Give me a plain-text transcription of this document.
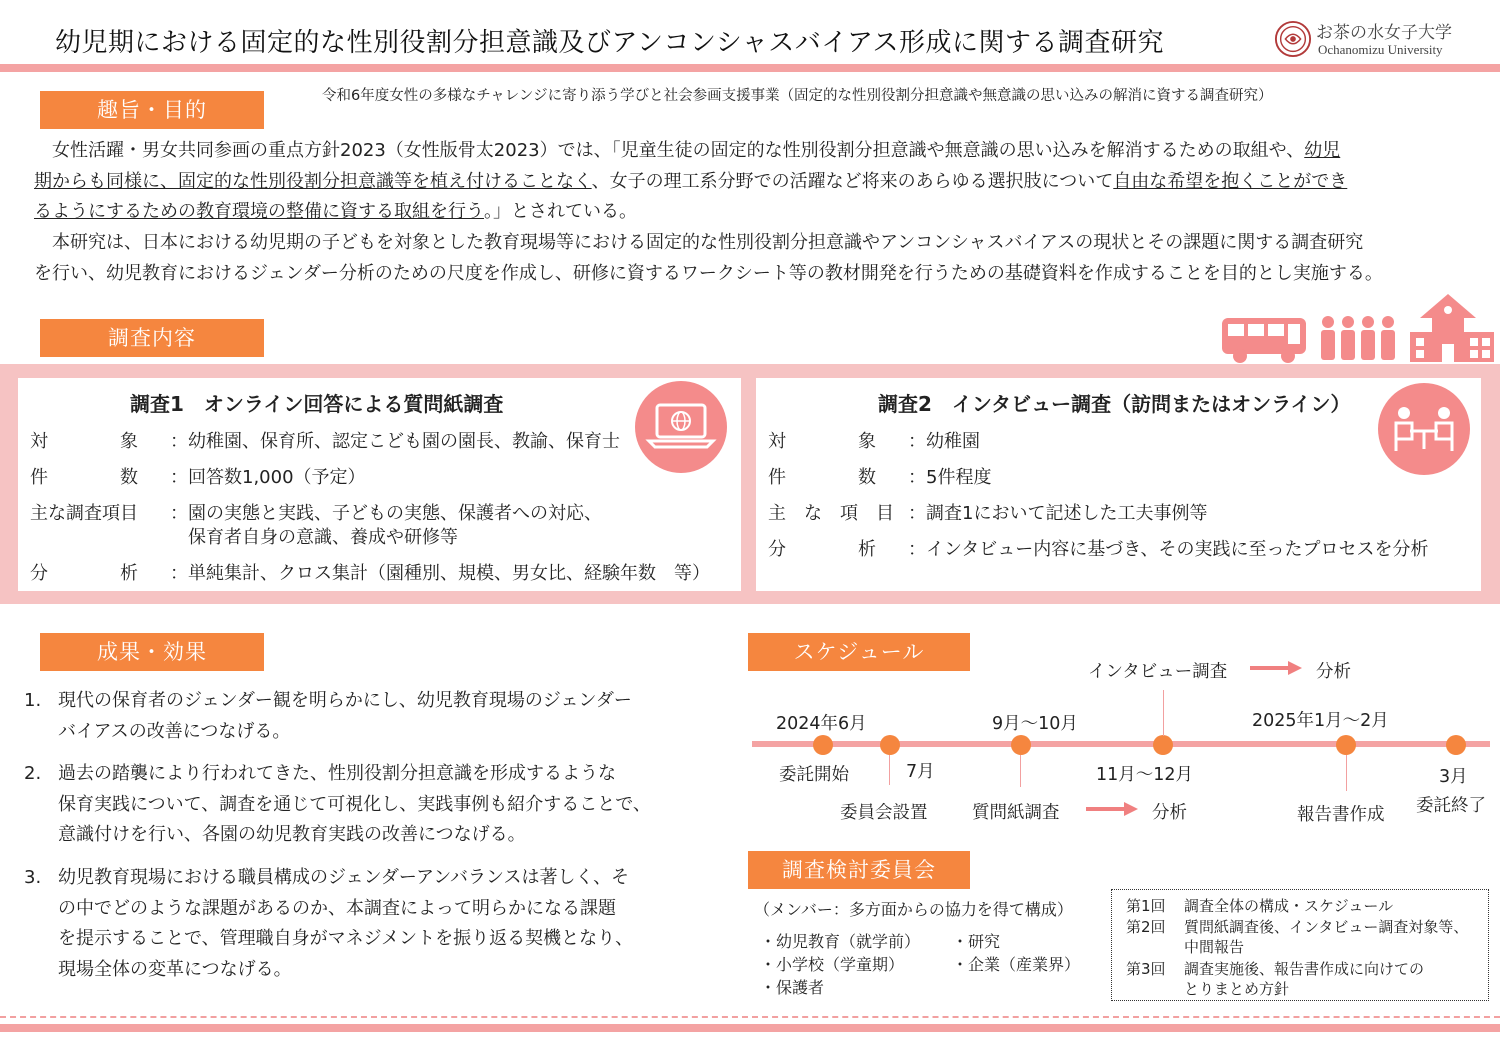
幼児期における固定的な性別役割分担意識及びアンコンシャスバイアス形成に関する調査研究	お茶の水女子大学
Ochanomizu University
令和6年度女性の多様なチャレンジに寄り添う学びと社会参画支援事業（固定的な性別役割分担意識や無意識の思い込みの解消に資する調査研究）
趣旨・目的
　女性活躍・男女共同参画の重点方針2023（女性版骨太2023）では、「児童生徒の固定的な性別役割分担意識や無意識の思い込みを解消するための取組や、幼児
期からも同様に、固定的な性別役割分担意識等を植え付けることなく、女子の理工系分野での活躍など将来のあらゆる選択肢について自由な希望を抱くことができ
るようにするための教育環境の整備に資する取組を行う。」とされている。
　本研究は、日本における幼児期の子どもを対象とした教育現場等における固定的な性別役割分担意識やアンコンシャスバイアスの現状とその課題に関する調査研究
を行い、幼児教育におけるジェンダー分析のための尺度を作成し、研修に資するワークシート等の教材開発を行うための基礎資料を作成することを目的とし実施する。
調査内容
調査1　オンライン回答による質問紙調査
対　　　　象 ：幼稚園、保育所、認定こども園の園長、教諭、保育士
件　　　　数 ：回答数1,000（予定）
主な調査項目 ：園の実態と実践、子どもの実態、保護者への対応、
　保育者自身の意識、養成や研修等
分　　　　析 ：単純集計、クロス集計（園種別、規模、男女比、経験年数　等）
調査2　インタビュー調査（訪問またはオンライン）
対　　　　象 ：幼稚園
件　　　　数 ：5件程度
主　な　項　目 ：調査1において記述した工夫事例等
分　　　　析 ：インタビュー内容に基づき、その実践に至ったプロセスを分析
成果・効果
1. 現代の保育者のジェンダー観を明らかにし、幼児教育現場のジェンダー
バイアスの改善につなげる。
2. 過去の踏襲により行われてきた、性別役割分担意識を形成するような
保育実践について、調査を通じて可視化し、実践事例も紹介することで、
意識付けを行い、各園の幼児教育実践の改善につなげる。
3. 幼児教育現場における職員構成のジェンダーアンバランスは著しく、そ
の中でどのような課題があるのか、本調査によって明らかになる課題
を提示することで、管理職自身がマネジメントを振り返る契機となり、
現場全体の変革につなげる。
スケジュール
2024年6月
委託開始	7月
委員会設置
9月～10月
質問紙調査	分析
インタビュー調査	分析
11月～12月
2025年1月～2月
報告書作成
3月
委託終了
調査検討委員会
（メンバー：多方面からの協力を得て構成）
・幼児教育（就学前）
・小学校（学童期）
・保護者
・研究
・企業（産業界）
第1回 調査全体の構成・スケジュール
第2回 質問紙調査後、インタビュー調査対象等、
中間報告
第3回 調査実施後、報告書作成に向けての
とりまとめ方針
